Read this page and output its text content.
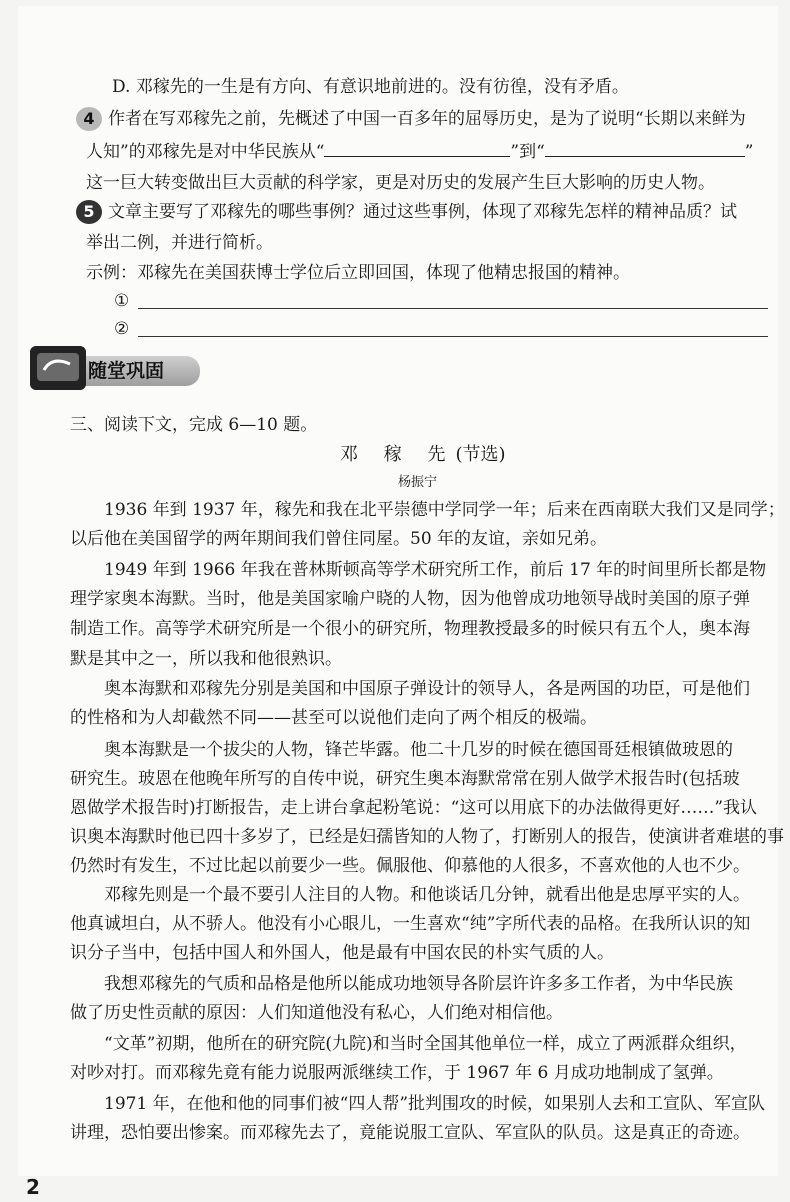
D. 邓稼先的一生是有方向、有意识地前进的。没有彷徨，没有矛盾。
4 作者在写邓稼先之前，先概述了中国一百多年的屈辱历史，是为了说明“长期以来鲜为
人知”的邓稼先是对中华民族从“	”到“	”
这一巨大转变做出巨大贡献的科学家，更是对历史的发展产生巨大影响的历史人物。
5 文章主要写了邓稼先的哪些事例？通过这些事例，体现了邓稼先怎样的精神品质？试
举出二例，并进行简析。
示例：邓稼先在美国获博士学位后立即回国，体现了他精忠报国的精神。
①
②
随堂巩固
三、阅读下文，完成 6—10 题。
邓 稼 先(节选)
杨振宁
1936 年到 1937 年，稼先和我在北平崇德中学同学一年；后来在西南联大我们又是同学；
以后他在美国留学的两年期间我们曾住同屋。50 年的友谊，亲如兄弟。
1949 年到 1966 年我在普林斯顿高等学术研究所工作，前后 17 年的时间里所长都是物
理学家奥本海默。当时，他是美国家喻户晓的人物，因为他曾成功地领导战时美国的原子弹
制造工作。高等学术研究所是一个很小的研究所，物理教授最多的时候只有五个人，奥本海
默是其中之一，所以我和他很熟识。
奥本海默和邓稼先分别是美国和中国原子弹设计的领导人，各是两国的功臣，可是他们
的性格和为人却截然不同——甚至可以说他们走向了两个相反的极端。
奥本海默是一个拔尖的人物，锋芒毕露。他二十几岁的时候在德国哥廷根镇做玻恩的
研究生。玻恩在他晚年所写的自传中说，研究生奥本海默常常在别人做学术报告时(包括玻
恩做学术报告时)打断报告，走上讲台拿起粉笔说：“这可以用底下的办法做得更好……”我认
识奥本海默时他已四十多岁了，已经是妇孺皆知的人物了，打断别人的报告，使演讲者难堪的事
仍然时有发生，不过比起以前要少一些。佩服他、仰慕他的人很多，不喜欢他的人也不少。
邓稼先则是一个最不要引人注目的人物。和他谈话几分钟，就看出他是忠厚平实的人。
他真诚坦白，从不骄人。他没有小心眼儿，一生喜欢“纯”字所代表的品格。在我所认识的知
识分子当中，包括中国人和外国人，他是最有中国农民的朴实气质的人。
我想邓稼先的气质和品格是他所以能成功地领导各阶层许许多多工作者，为中华民族
做了历史性贡献的原因：人们知道他没有私心，人们绝对相信他。
“文革”初期，他所在的研究院(九院)和当时全国其他单位一样，成立了两派群众组织，
对吵对打。而邓稼先竟有能力说服两派继续工作，于 1967 年 6 月成功地制成了氢弹。
1971 年，在他和他的同事们被“四人帮”批判围攻的时候，如果别人去和工宣队、军宣队
讲理，恐怕要出惨案。而邓稼先去了，竟能说服工宣队、军宣队的队员。这是真正的奇迹。
2
